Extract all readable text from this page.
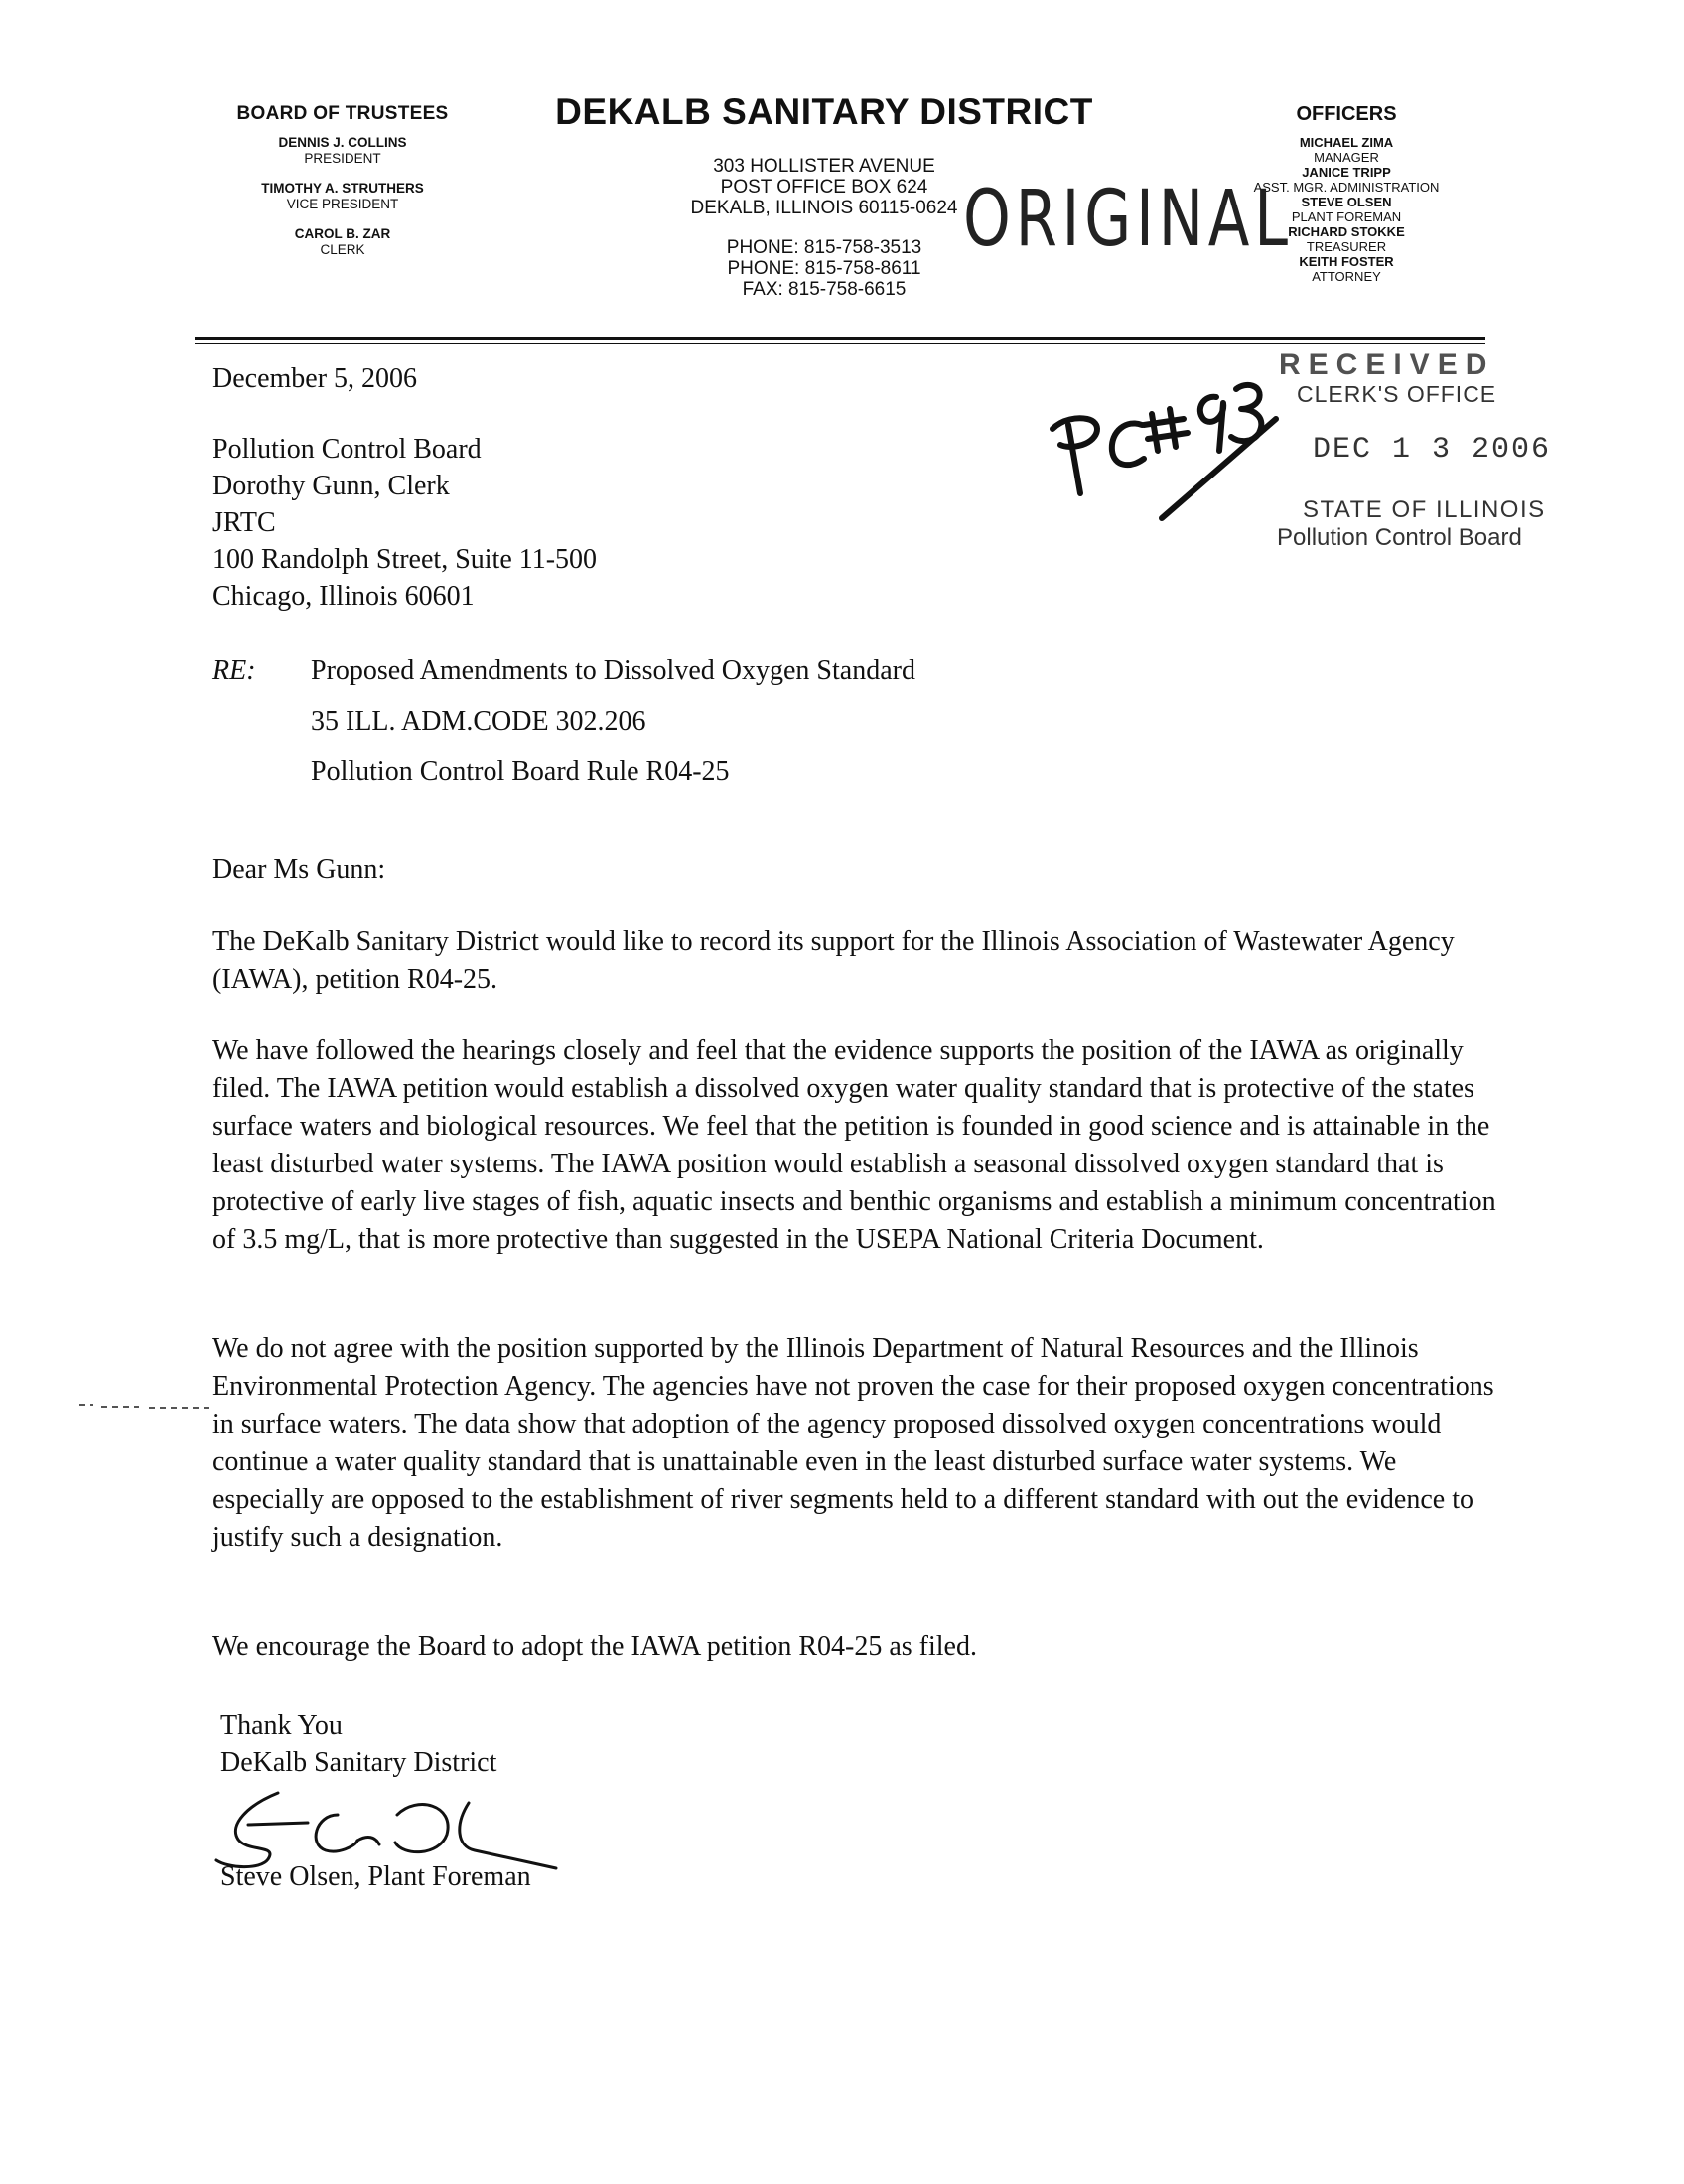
BOARD OF TRUSTEES
DENNIS J. COLLINS
PRESIDENT
TIMOTHY A. STRUTHERS
VICE PRESIDENT
CAROL B. ZAR
CLERK
DEKALB SANITARY DISTRICT
303 HOLLISTER AVENUE
POST OFFICE BOX 624
DEKALB, ILLINOIS 60115-0624
PHONE: 815-758-3513
PHONE: 815-758-8611
FAX: 815-758-6615
OFFICERS
MICHAEL ZIMA
MANAGER
JANICE TRIPP
ASST. MGR. ADMINISTRATION
STEVE OLSEN
PLANT FOREMAN
RICHARD STOKKE
TREASURER
KEITH FOSTER
ATTORNEY
ORIGINAL
RECEIVED
CLERK'S OFFICE
DEC 1 3 2006
STATE OF ILLINOIS
Pollution Control Board
December 5, 2006
Pollution Control Board
Dorothy Gunn, Clerk
JRTC
100 Randolph Street, Suite 11-500
Chicago, Illinois 60601
RE: Proposed Amendments to Dissolved Oxygen Standard
35 ILL. ADM.CODE 302.206
Pollution Control Board Rule R04-25
Dear Ms Gunn:
The DeKalb Sanitary District would like to record its support for the Illinois Association of Wastewater Agency (IAWA), petition R04-25.
We have followed the hearings closely and feel that the evidence supports the position of the IAWA as originally filed. The IAWA petition would establish a dissolved oxygen water quality standard that is protective of the states surface waters and biological resources. We feel that the petition is founded in good science and is attainable in the least disturbed water systems. The IAWA position would establish a seasonal dissolved oxygen standard that is protective of early live stages of fish, aquatic insects and benthic organisms and establish a minimum concentration of 3.5 mg/L, that is more protective than suggested in the USEPA National Criteria Document.
We do not agree with the position supported by the Illinois Department of Natural Resources and the Illinois Environmental Protection Agency. The agencies have not proven the case for their proposed oxygen concentrations in surface waters. The data show that adoption of the agency proposed dissolved oxygen concentrations would continue a water quality standard that is unattainable even in the least disturbed surface water systems. We especially are opposed to the establishment of river segments held to a different standard with out the evidence to justify such a designation.
We encourage the Board to adopt the IAWA petition R04-25 as filed.
Thank You
DeKalb Sanitary District
Steve Olsen, Plant Foreman
